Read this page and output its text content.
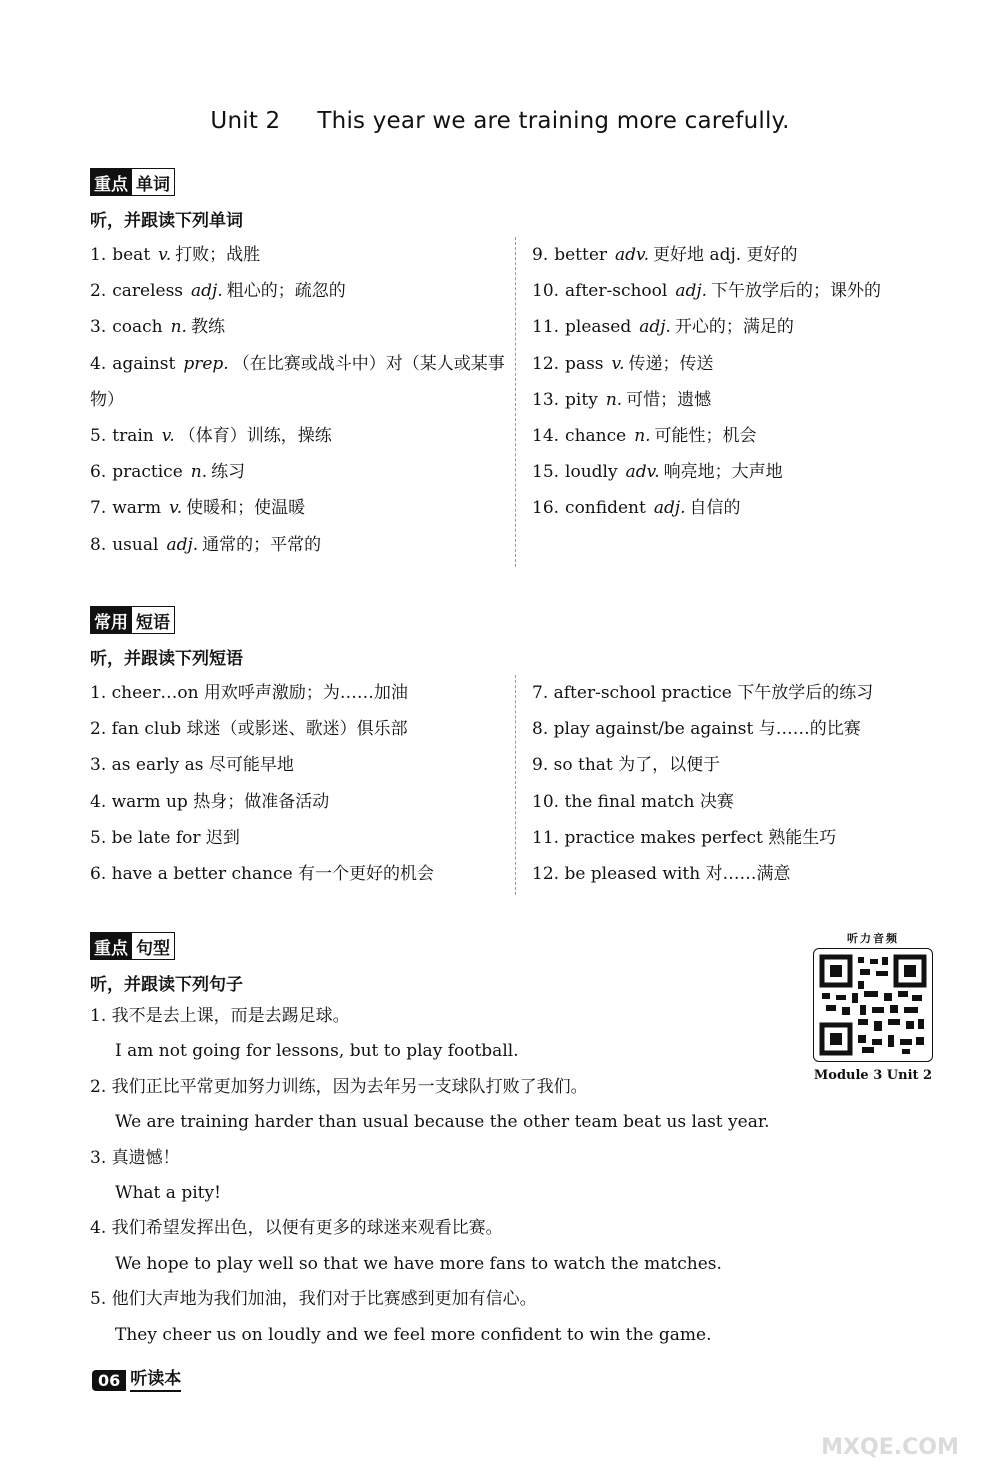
Unit 2 This year we are training more carefully.
重点 单词
听，并跟读下列单词
1. beat v. 打败；战胜
2. careless adj. 粗心的；疏忽的
3. coach n. 教练
4. against prep. （在比赛或战斗中）对（某人或某事物）
5. train v. （体育）训练，操练
6. practice n. 练习
7. warm v. 使暖和；使温暖
8. usual adj. 通常的；平常的
9. better adv. 更好地 adj. 更好的
10. after-school adj. 下午放学后的；课外的
11. pleased adj. 开心的；满足的
12. pass v. 传递；传送
13. pity n. 可惜；遗憾
14. chance n. 可能性；机会
15. loudly adv. 响亮地；大声地
16. confident adj. 自信的
常用 短语
听，并跟读下列短语
1. cheer…on 用欢呼声激励；为……加油
2. fan club 球迷（或影迷、歌迷）俱乐部
3. as early as 尽可能早地
4. warm up 热身；做准备活动
5. be late for 迟到
6. have a better chance 有一个更好的机会
7. after-school practice 下午放学后的练习
8. play against/be against 与……的比赛
9. so that 为了，以便于
10. the final match 决赛
11. practice makes perfect 熟能生巧
12. be pleased with 对……满意
重点 句型
听，并跟读下列句子
1. 我不是去上课，而是去踢足球。
I am not going for lessons, but to play football.
2. 我们正比平常更加努力训练，因为去年另一支球队打败了我们。
We are training harder than usual because the other team beat us last year.
3. 真遗憾！
What a pity!
4. 我们希望发挥出色，以便有更多的球迷来观看比赛。
We hope to play well so that we have more fans to watch the matches.
5. 他们大声地为我们加油，我们对于比赛感到更加有信心。
They cheer us on loudly and we feel more confident to win the game.
听力音频
Module 3 Unit 2
06 听读本
MXQE.COM
